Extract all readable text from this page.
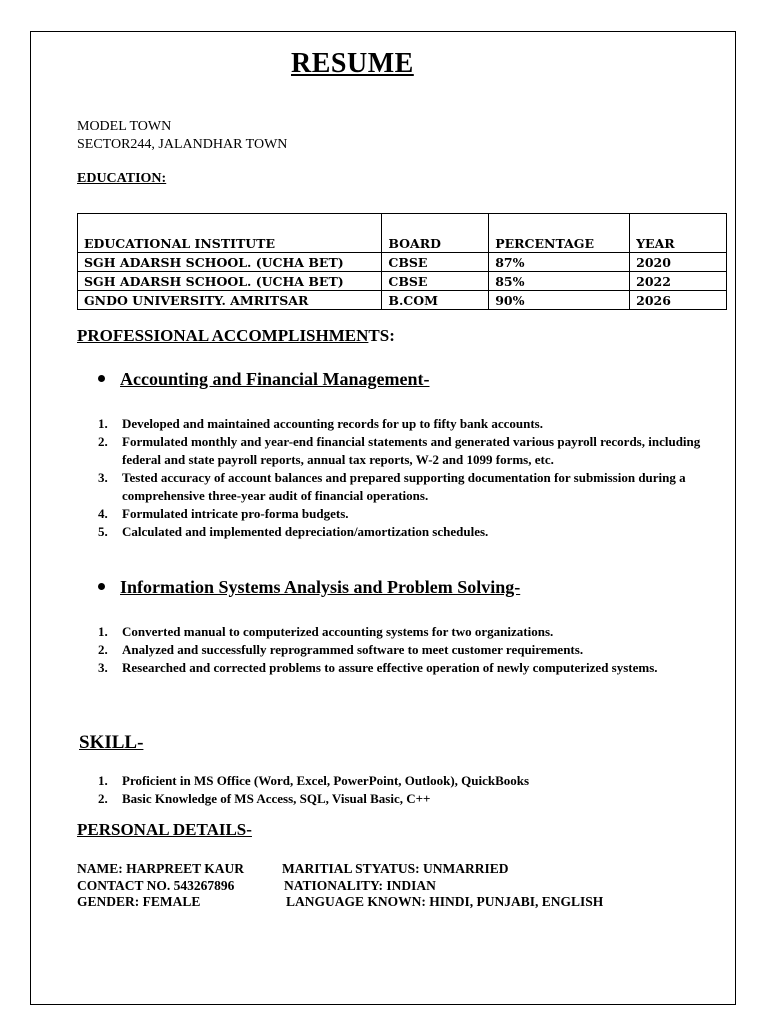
RESUME
MODEL TOWN
SECTOR244, JALANDHAR TOWN
EDUCATION:
EDUCATIONAL INSTITUTE	BOARD	PERCENTAGE	YEAR
SGH ADARSH SCHOOL. (UCHA BET)	CBSE	87%	2020
SGH ADARSH SCHOOL. (UCHA BET)	CBSE	85%	2022
GNDO UNIVERSITY. AMRITSAR	B.COM	90%	2026
PROFESSIONAL ACCOMPLISHMENTS:
Accounting and Financial Management-
Developed and maintained accounting records for up to fifty bank accounts.
Formulated monthly and year-end financial statements and generated various payroll records, including federal and state payroll reports, annual tax reports, W-2 and 1099 forms, etc.
Tested accuracy of account balances and prepared supporting documentation for submission during a comprehensive three-year audit of financial operations.
Formulated intricate pro-forma budgets.
Calculated and implemented depreciation/amortization schedules.
Information Systems Analysis and Problem Solving-
Converted manual to computerized accounting systems for two organizations.
Analyzed and successfully reprogrammed software to meet customer requirements.
Researched and corrected problems to assure effective operation of newly computerized systems.
SKILL-
Proficient in MS Office (Word, Excel, PowerPoint, Outlook), QuickBooks
Basic Knowledge of MS Access, SQL, Visual Basic, C++
PERSONAL DETAILS-
NAME: HARPREET KAUR
CONTACT NO. 543267896
GENDER: FEMALE
MARITIAL STYATUS: UNMARRIED
NATIONALITY: INDIAN
LANGUAGE KNOWN: HINDI, PUNJABI, ENGLISH
